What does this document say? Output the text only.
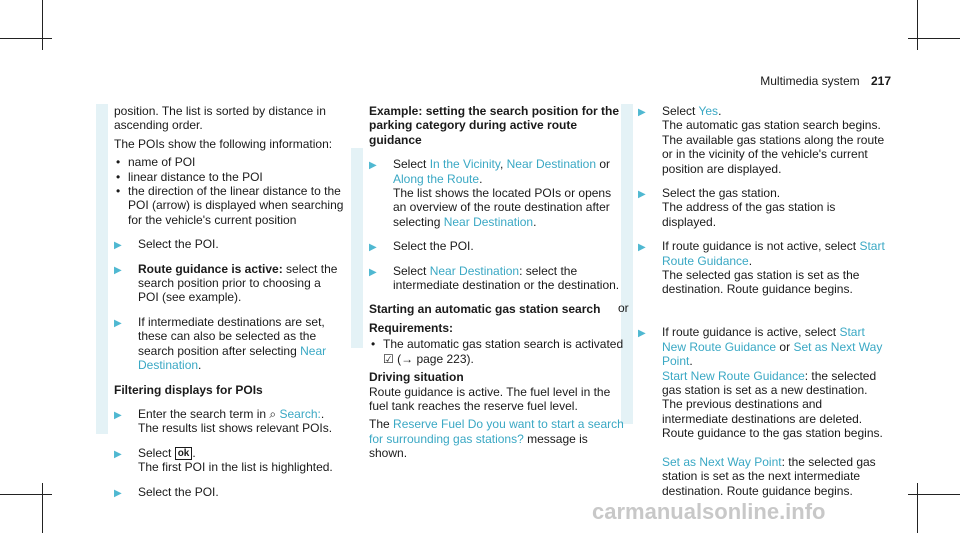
Multimedia system 217

position. The list is sorted by distance in ascending order.

The POIs show the following information:

• name of POI
• linear distance to the POI
• the direction of the linear distance to the POI (arrow) is displayed when searching for the vehicle's current position
▶ Select the POI.
▶ Route guidance is active: select the search position prior to choosing a POI (see example).
▶ If intermediate destinations are set, these can also be selected as the search position after selecting Near Destination.
Filtering displays for POIs
▶ Enter the search term in ⌕ Search:.
The results list shows relevant POIs.
▶ Select ok .
The first POI in the list is highlighted.
▶ Select the POI.
Example: setting the search position for the parking category during active route guidance
▶ Select In the Vicinity, Near Destination or Along the Route.
The list shows the located POIs or opens an overview of the route destination after selecting Near Destination.
▶ Select the POI.
▶ Select Near Destination: select the intermediate destination or the destination.
Starting an automatic gas station search
Requirements:
• The automatic gas station search is activated
☑ (→ page 223).
Driving situation

Route guidance is active. The fuel level in the fuel tank reaches the reserve fuel level.

The Reserve Fuel Do you want to start a search for surrounding gas stations? message is shown.

▶ Select Yes.
The automatic gas station search begins. The available gas stations along the route or in the vicinity of the vehicle's current position are displayed.
▶ Select the gas station.
The address of the gas station is displayed.
▶ If route guidance is not active, select Start Route Guidance.
The selected gas station is set as the destination. Route guidance begins.
or
▶ If route guidance is active, select Start New Route Guidance or Set as Next Way Point.
Start New Route Guidance: the selected gas station is set as a new destination. The previous destinations and intermediate destinations are deleted. Route guidance to the gas station begins.

Set as Next Way Point: the selected gas station is set as the next intermediate destination. Route guidance begins.
carmanualsonline.info
